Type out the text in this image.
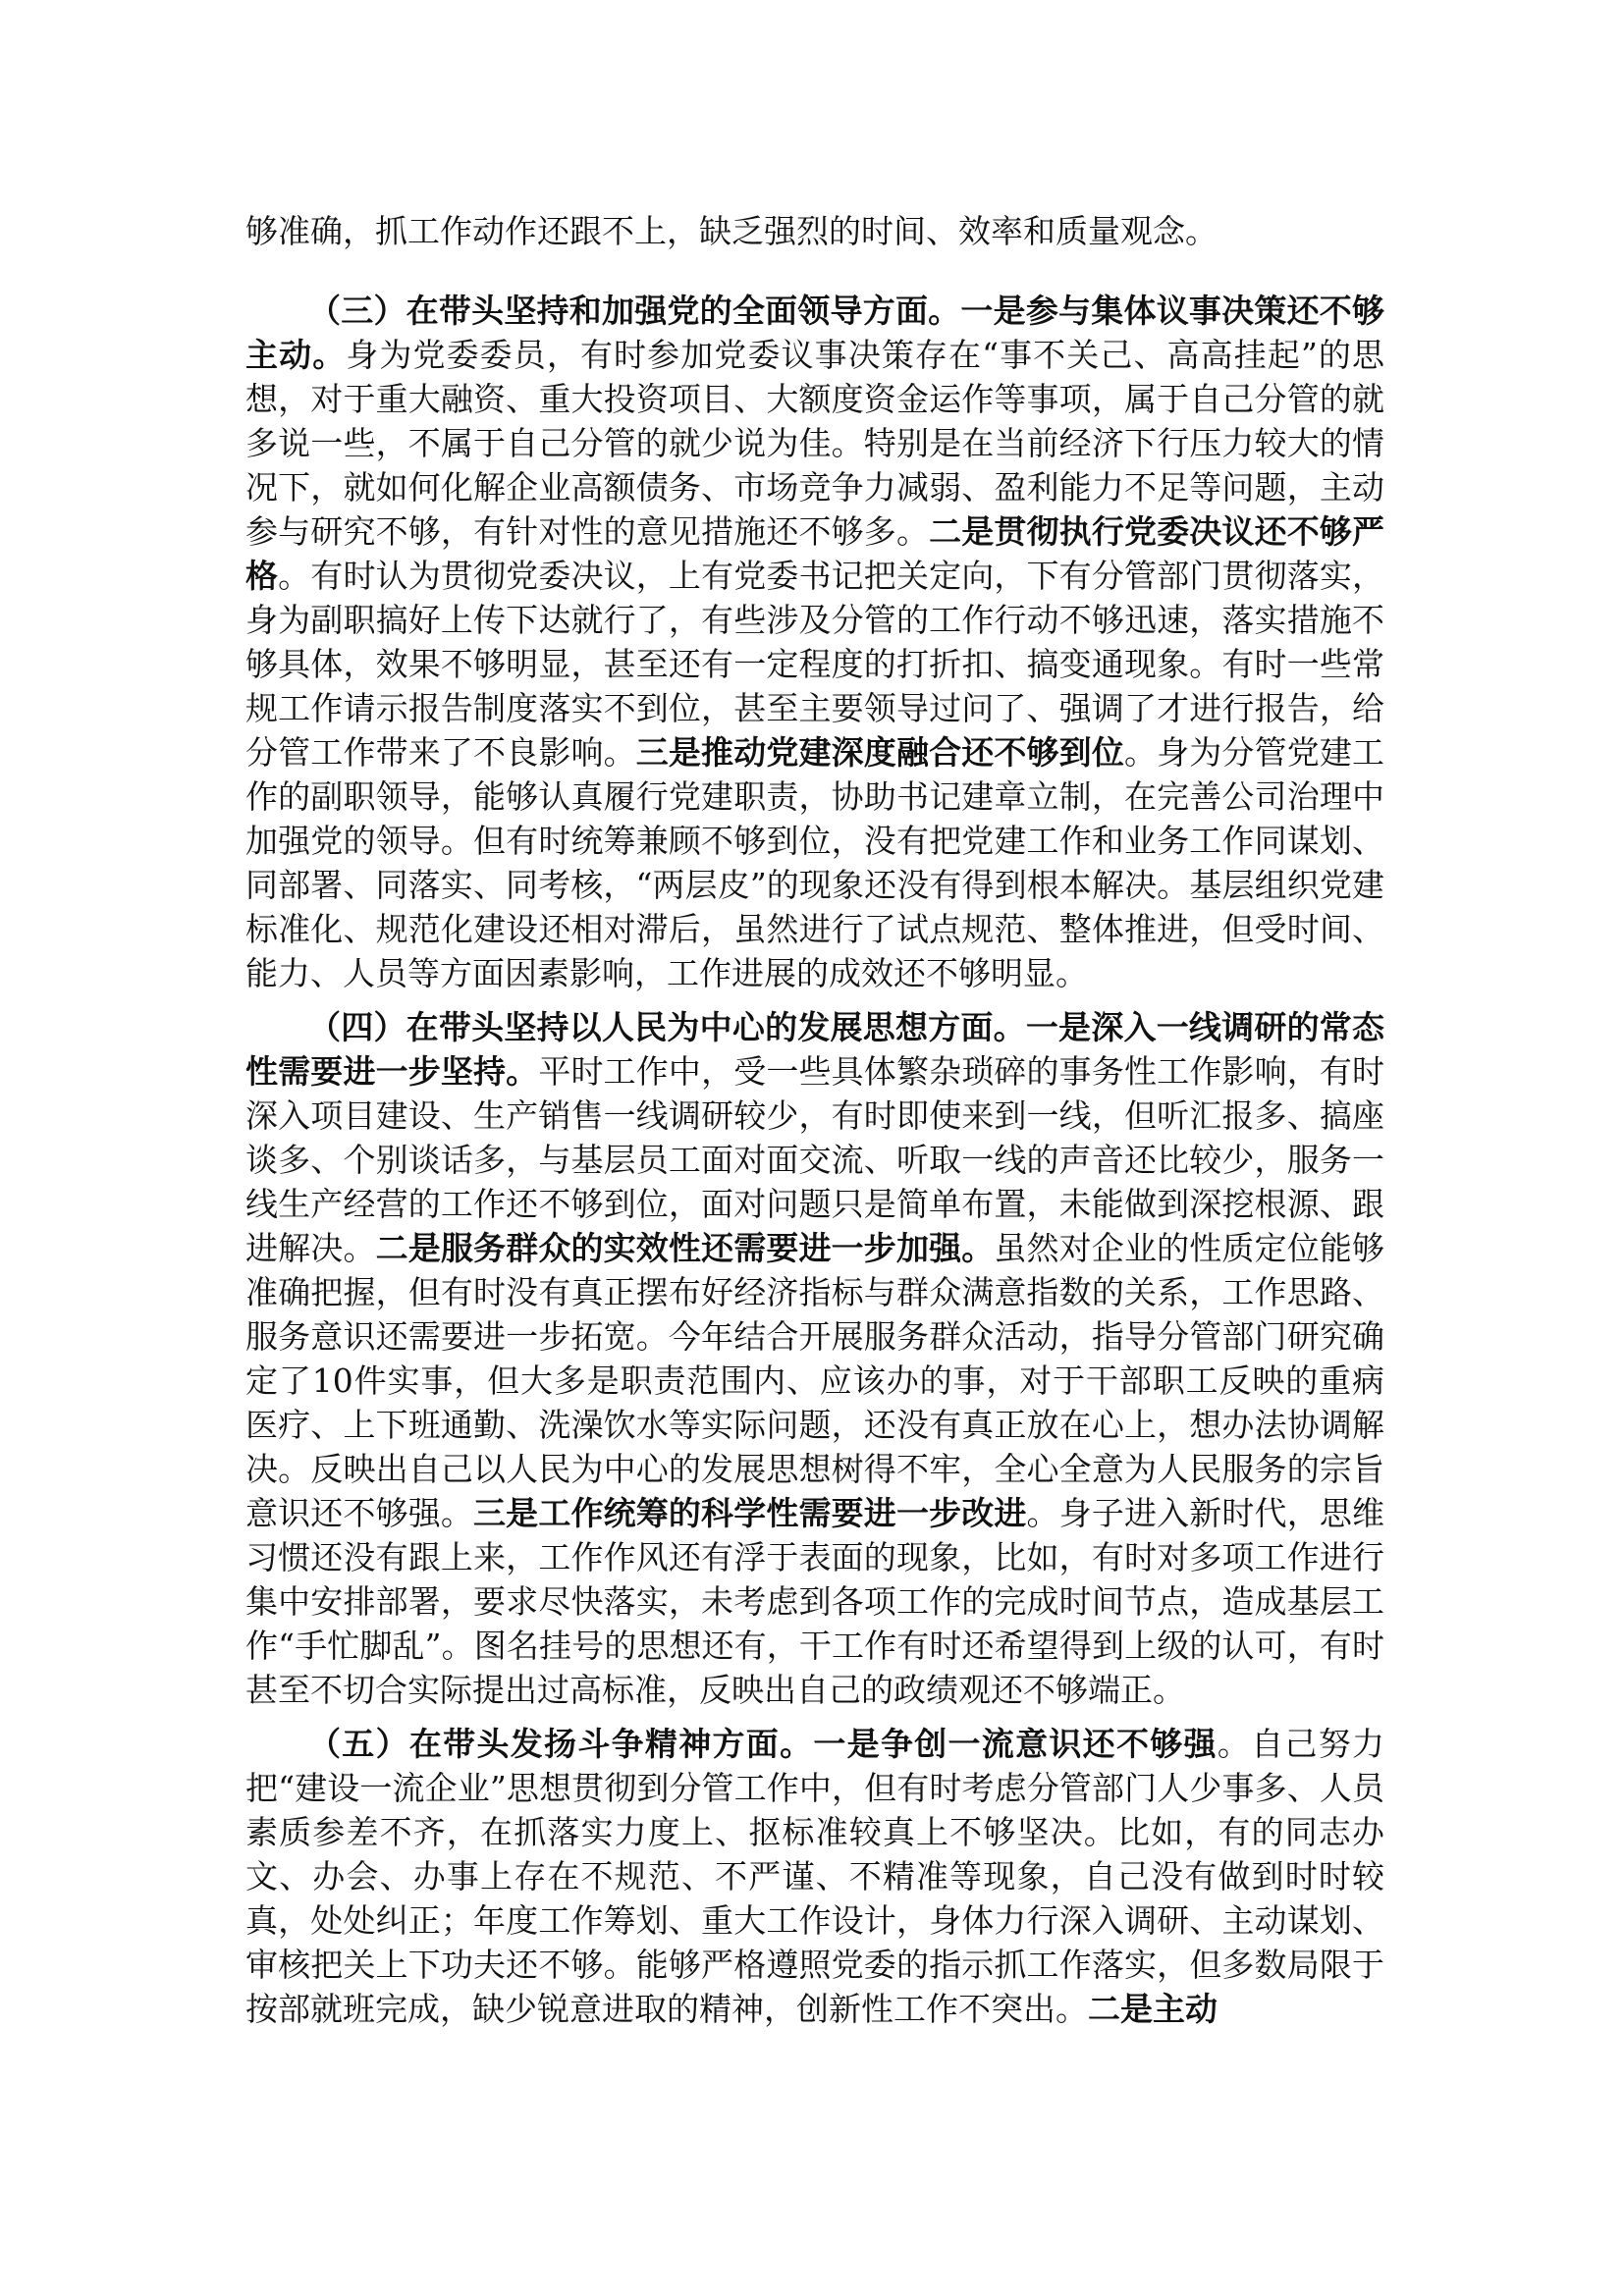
够准确，抓工作动作还跟不上，缺乏强烈的时间、效率和质量观念。

（三）在带头坚持和加强党的全面领导方面。一是参与集体议事决策还不够主动。身为党委委员，有时参加党委议事决策存在“事不关己、高高挂起”的思想，对于重大融资、重大投资项目、大额度资金运作等事项，属于自己分管的就多说一些，不属于自己分管的就少说为佳。特别是在当前经济下行压力较大的情况下，就如何化解企业高额债务、市场竞争力减弱、盈利能力不足等问题，主动参与研究不够，有针对性的意见措施还不够多。二是贯彻执行党委决议还不够严格。有时认为贯彻党委决议，上有党委书记把关定向，下有分管部门贯彻落实，身为副职搞好上传下达就行了，有些涉及分管的工作行动不够迅速，落实措施不够具体，效果不够明显，甚至还有一定程度的打折扣、搞变通现象。有时一些常规工作请示报告制度落实不到位，甚至主要领导过问了、强调了才进行报告，给分管工作带来了不良影响。三是推动党建深度融合还不够到位。身为分管党建工作的副职领导，能够认真履行党建职责，协助书记建章立制，在完善公司治理中加强党的领导。但有时统筹兼顾不够到位，没有把党建工作和业务工作同谋划、同部署、同落实、同考核，“两层皮”的现象还没有得到根本解决。基层组织党建标准化、规范化建设还相对滞后，虽然进行了试点规范、整体推进，但受时间、能力、人员等方面因素影响，工作进展的成效还不够明显。

（四）在带头坚持以人民为中心的发展思想方面。一是深入一线调研的常态性需要进一步坚持。平时工作中，受一些具体繁杂琐碎的事务性工作影响，有时深入项目建设、生产销售一线调研较少，有时即使来到一线，但听汇报多、搞座谈多、个别谈话多，与基层员工面对面交流、听取一线的声音还比较少，服务一线生产经营的工作还不够到位，面对问题只是简单布置，未能做到深挖根源、跟进解决。二是服务群众的实效性还需要进一步加强。虽然对企业的性质定位能够准确把握，但有时没有真正摆布好经济指标与群众满意指数的关系，工作思路、服务意识还需要进一步拓宽。今年结合开展服务群众活动，指导分管部门研究确定了10件实事，但大多是职责范围内、应该办的事，对于干部职工反映的重病医疗、上下班通勤、洗澡饮水等实际问题，还没有真正放在心上，想办法协调解决。反映出自己以人民为中心的发展思想树得不牢，全心全意为人民服务的宗旨意识还不够强。三是工作统筹的科学性需要进一步改进。身子进入新时代，思维习惯还没有跟上来，工作作风还有浮于表面的现象，比如，有时对多项工作进行集中安排部署，要求尽快落实，未考虑到各项工作的完成时间节点，造成基层工作“手忙脚乱”。图名挂号的思想还有，干工作有时还希望得到上级的认可，有时甚至不切合实际提出过高标准，反映出自己的政绩观还不够端正。

（五）在带头发扬斗争精神方面。一是争创一流意识还不够强。自己努力把“建设一流企业”思想贯彻到分管工作中，但有时考虑分管部门人少事多、人员素质参差不齐，在抓落实力度上、抠标准较真上不够坚决。比如，有的同志办文、办会、办事上存在不规范、不严谨、不精准等现象，自己没有做到时时较真，处处纠正；年度工作筹划、重大工作设计，身体力行深入调研、主动谋划、审核把关上下功夫还不够。能够严格遵照党委的指示抓工作落实，但多数局限于按部就班完成，缺少锐意进取的精神，创新性工作不突出。二是主动
